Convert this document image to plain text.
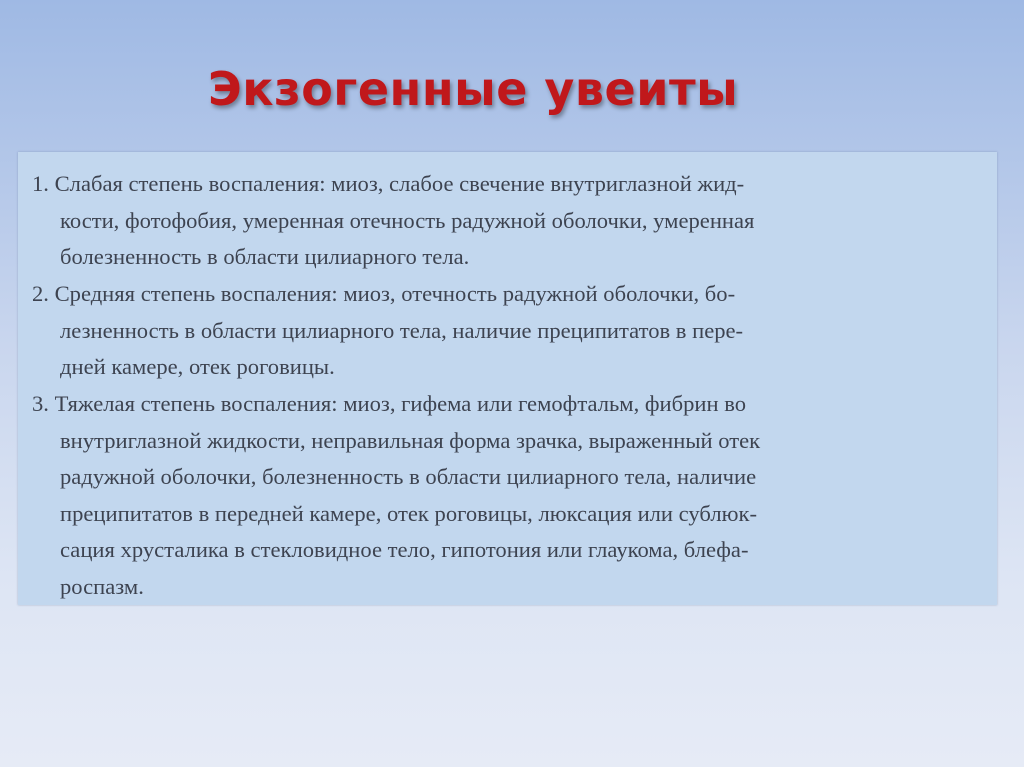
Экзогенные увеиты
1. Слабая степень воспаления: миоз, слабое свечение внутриглазной жид-
кости, фотофобия, умеренная отечность радужной оболочки, умеренная
болезненность в области цилиарного тела.
2. Средняя степень воспаления: миоз, отечность радужной оболочки, бо-
лезненность в области цилиарного тела, наличие преципитатов в пере-
дней камере, отек роговицы.
3. Тяжелая степень воспаления: миоз, гифема или гемофтальм, фибрин во
внутриглазной жидкости, неправильная форма зрачка, выраженный отек
радужной оболочки, болезненность в области цилиарного тела, наличие
преципитатов в передней камере, отек роговицы, люксация или сублюк-
сация хрусталика в стекловидное тело, гипотония или глаукома, блефа-
роспазм.
